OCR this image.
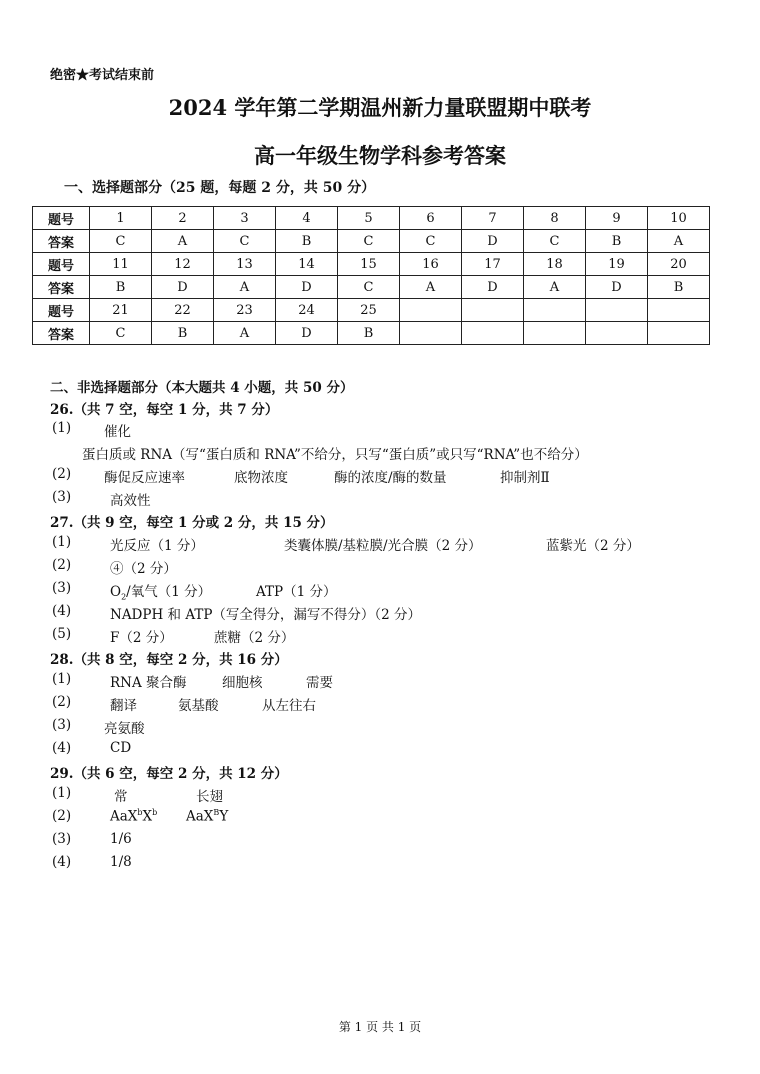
绝密★考试结束前
2024 学年第二学期温州新力量联盟期中联考
高一年级生物学科参考答案
一、选择题部分（25 题，每题 2 分，共 50 分）
题号	1	2	3	4	5	6	7	8	9	10
答案	C	A	C	B	C	C	D	C	B	A
题号	11	12	13	14	15	16	17	18	19	20
答案	B	D	A	D	C	A	D	A	D	B
题号	21	22	23	24	25					
答案	C	B	A	D	B					
二、非选择题部分（本大题共 4 小题，共 50 分）
26.（共 7 空，每空 1 分，共 7 分）
(1) 催化
蛋白质或 RNA（写“蛋白质和 RNA”不给分，只写“蛋白质”或只写“RNA”也不给分）
(2) 酶促反应速率	底物浓度	酶的浓度/酶的数量	抑制剂Ⅱ
(3)	高效性
27.（共 9 空，每空 1 分或 2 分，共 15 分）
(1)	光反应（1 分）	类囊体膜/基粒膜/光合膜（2 分）	蓝紫光（2 分）
(2)	④（2 分）
(3)	$O_2/$氧气（1 分）	ATP（1 分）
(4)	NADPH 和 ATP（写全得分，漏写不得分）（2 分）
(5)	F（2 分）	蔗糖（2 分）
28.（共 8 空，每空 2 分，共 16 分）
(1)	RNA 聚合酶	细胞核	需要
(2)	翻译	氨基酸	从左往右
(3) 亮氨酸
(4)	CD
29.（共 6 空，每空 2 分，共 12 分）
(1)	常	长翅
(2)	$AaX^bX^b$ AaX$^B$Y
(3)	1/6
(4)	1/8
第 1 页 共 1 页
